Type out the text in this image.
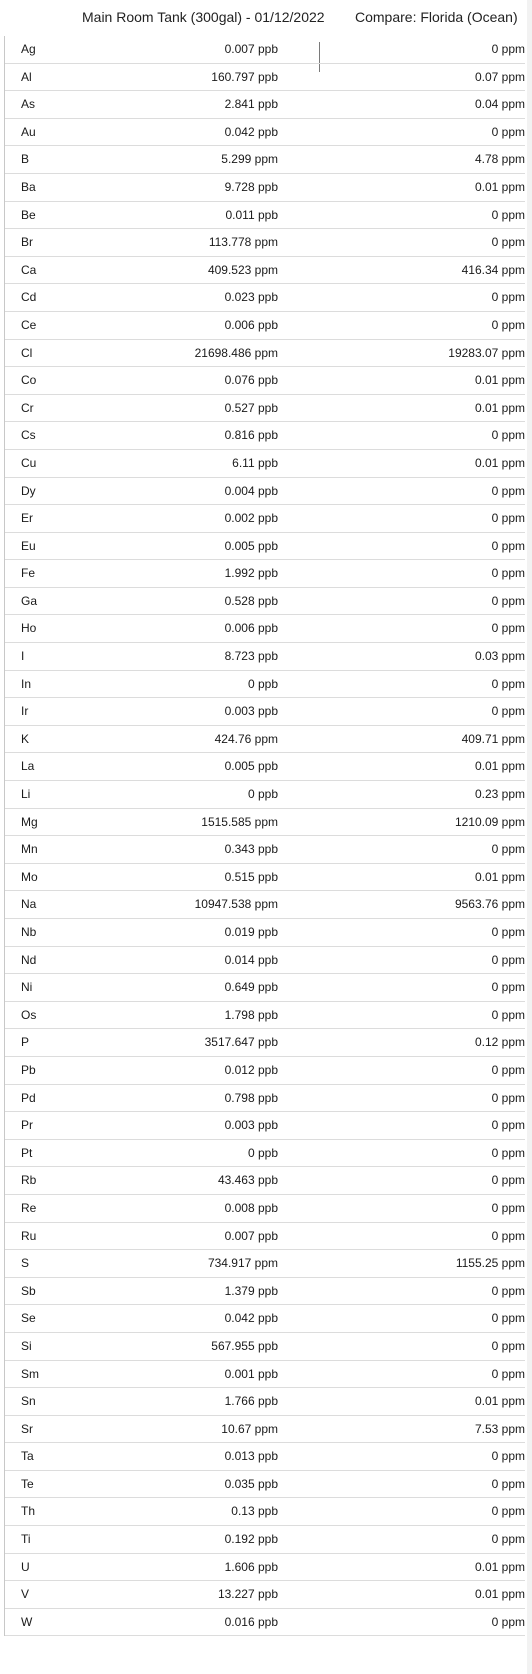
Main Room Tank (300gal) - 01/12/2022 Compare: Florida (Ocean)
Ag	0.007 ppb	0 ppm
Al	160.797 ppb	0.07 ppm
As	2.841 ppb	0.04 ppm
Au	0.042 ppb	0 ppm
B	5.299 ppm	4.78 ppm
Ba	9.728 ppb	0.01 ppm
Be	0.011 ppb	0 ppm
Br	113.778 ppm	0 ppm
Ca	409.523 ppm	416.34 ppm
Cd	0.023 ppb	0 ppm
Ce	0.006 ppb	0 ppm
Cl	21698.486 ppm	19283.07 ppm
Co	0.076 ppb	0.01 ppm
Cr	0.527 ppb	0.01 ppm
Cs	0.816 ppb	0 ppm
Cu	6.11 ppb	0.01 ppm
Dy	0.004 ppb	0 ppm
Er	0.002 ppb	0 ppm
Eu	0.005 ppb	0 ppm
Fe	1.992 ppb	0 ppm
Ga	0.528 ppb	0 ppm
Ho	0.006 ppb	0 ppm
I	8.723 ppb	0.03 ppm
In	0 ppb	0 ppm
Ir	0.003 ppb	0 ppm
K	424.76 ppm	409.71 ppm
La	0.005 ppb	0.01 ppm
Li	0 ppb	0.23 ppm
Mg	1515.585 ppm	1210.09 ppm
Mn	0.343 ppb	0 ppm
Mo	0.515 ppb	0.01 ppm
Na	10947.538 ppm	9563.76 ppm
Nb	0.019 ppb	0 ppm
Nd	0.014 ppb	0 ppm
Ni	0.649 ppb	0 ppm
Os	1.798 ppb	0 ppm
P	3517.647 ppb	0.12 ppm
Pb	0.012 ppb	0 ppm
Pd	0.798 ppb	0 ppm
Pr	0.003 ppb	0 ppm
Pt	0 ppb	0 ppm
Rb	43.463 ppb	0 ppm
Re	0.008 ppb	0 ppm
Ru	0.007 ppb	0 ppm
S	734.917 ppm	1155.25 ppm
Sb	1.379 ppb	0 ppm
Se	0.042 ppb	0 ppm
Si	567.955 ppb	0 ppm
Sm	0.001 ppb	0 ppm
Sn	1.766 ppb	0.01 ppm
Sr	10.67 ppm	7.53 ppm
Ta	0.013 ppb	0 ppm
Te	0.035 ppb	0 ppm
Th	0.13 ppb	0 ppm
Ti	0.192 ppb	0 ppm
U	1.606 ppb	0.01 ppm
V	13.227 ppb	0.01 ppm
W	0.016 ppb	0 ppm
